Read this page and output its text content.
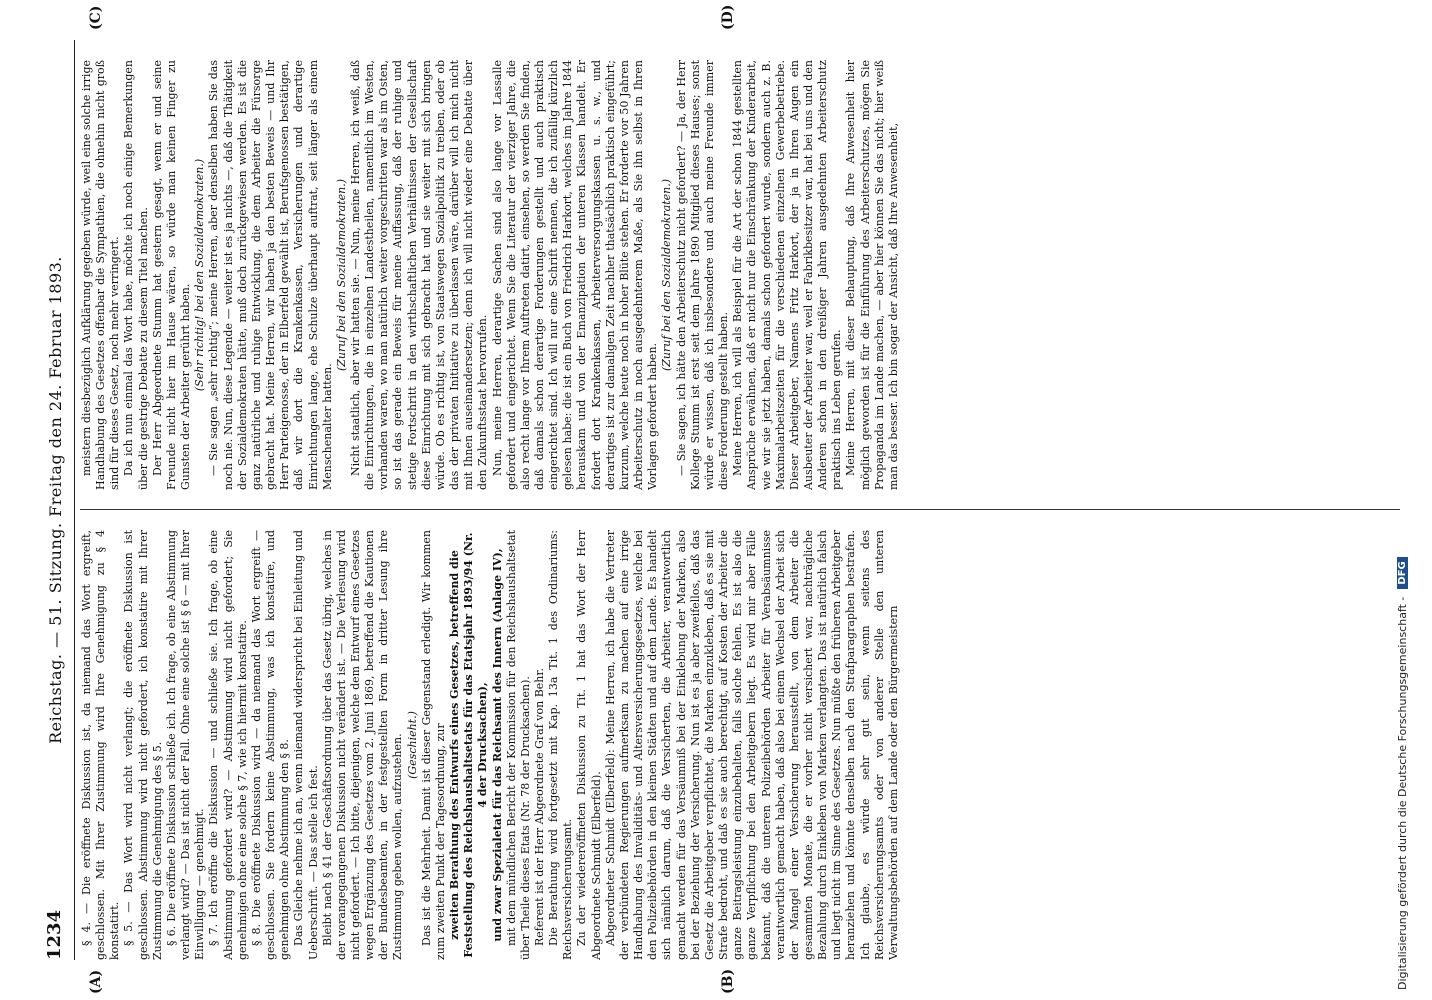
1234
Reichstag. — 51. Sitzung. Freitag den 24. Februar 1893.
(A)	(B)
(C)	(D)

§ 4. — Die eröffnete Diskussion ist, da niemand das Wort ergreift, geschlossen. Mit Ihrer Zustimmung wird Ihre Genehmigung zu § 4 konstatirt. § 5. — Das Wort wird nicht verlangt; die eröffnete Diskussion ist geschlossen. Abstimmung wird nicht gefordert, ich konstatire mit Ihrer Zustimmung die Genehmigung des § 5. § 6. Die eröffnete Diskussion schließe ich. Ich frage, ob eine Abstimmung verlangt wird? — Das ist nicht der Fall. Ohne eine solche ist § 6 — mit Ihrer Einwilligung — genehmigt. § 7. Ich eröffne die Diskussion — und schließe sie. Ich frage, ob eine Abstimmung gefordert wird? — Abstimmung wird nicht gefordert; Sie genehmigen ohne eine solche § 7, wie ich hiermit konstatire. § 8. Die eröffnete Diskussion wird — da niemand das Wort ergreift — geschlossen. Sie fordern keine Abstimmung, was ich konstatire, und genehmigen ohne Abstimmung den § 8. Das Gleiche nehme ich an, wenn niemand widerspricht bei Einleitung und Ueberschrift. — Das stelle ich fest. Bleibt nach § 41 der Geschäftsordnung über das Gesetz übrig, welches in der vorangegangenen Diskussion nicht verändert ist. — Die Verlesung wird nicht gefordert. — Ich bitte, diejenigen, welche dem Entwurf eines Gesetzes wegen Ergänzung des Gesetzes vom 2. Juni 1869, betreffend die Kautionen der Bundesbeamten, in der festgestellten Form in dritter Lesung ihre Zustimmung geben wollen, aufzustehen. (Geschieht.) Das ist die Mehrheit. Damit ist dieser Gegenstand erledigt. Wir kommen zum zweiten Punkt der Tagesordnung, zur zweiten Berathung des Entwurfs eines Gesetzes, betreffend die Feststellung des Reichshaushaltsetats für das Etatsjahr 1893/94 (Nr. 4 der Drucksachen), und zwar Spezialetat für das Reichsamt des Innern (Anlage IV), mit dem mündlichen Bericht der Kommission für den Reichshaushaltsetat über Theile dieses Etats (Nr. 78 der Drucksachen). Referent ist der Herr Abgeordnete Graf von Behr. Die Berathung wird fortgesetzt mit Kap. 13a Tit. 1 des Ordinariums: Reichsversicherungsamt. Zu der wiedereröffneten Diskussion zu Tit. 1 hat das Wort der Herr Abgeordnete Schmidt (Elberfeld). Abgeordneter Schmidt (Elberfeld): Meine Herren, ich habe die Vertreter der verbündeten Regierungen aufmerksam zu machen auf eine irrige Handhabung des Invaliditäts- und Altersversicherungsgesetzes, welche bei den Polizeibehörden in den kleinen Städten und auf dem Lande. Es handelt sich nämlich darum, daß die Versicherten, die Arbeiter, verantwortlich gemacht werden für das Versäumniß bei der Einklebung der Marken, also bei der Beziehung der Versicherung. Nun ist es ja aber zweifellos, daß das Gesetz die Arbeitgeber verpflichtet, die Marken einzukleben, daß es sie mit Strafe bedroht, und daß es sie auch berechtigt, auf Kosten der Arbeiter die ganze Beitragsleistung einzubehalten, falls solche fehlen. Es ist also die ganze Verpflichtung bei den Arbeitgebern liegt. Es wird mir aber Fälle bekannt, daß die unteren Polizeibehörden Arbeiter für Verabsäumnisse verantwortlich gemacht haben, daß also bei einem Wechsel der Arbeit sich der Mangel einer Versicherung herausstellt, von dem Arbeiter die gesammten Monate, die er vorher nicht versichert war, nachträgliche Bezahlung durch Einkleben von Marken verlangten. Das ist natürlich falsch und liegt nicht im Sinne des Gesetzes. Nun müßte den früheren Arbeitgeber heranziehen und könnte denselben nach den Strafparagraphen bestrafen. Ich glaube, es würde sehr gut sein, wenn seitens des Reichsversicherungsamts oder von anderer Stelle den unteren Verwaltungsbehörden auf dem Lande oder den Bürgermeistern

meistern diesbezüglich Aufklärung gegeben würde, weil eine solche irrige Handhabung des Gesetzes offenbar die Sympathien, die ohnehin nicht groß sind für dieses Gesetz, noch mehr verringert. Da ich nun einmal das Wort habe, möchte ich noch einige Bemerkungen über die gestrige Debatte zu diesem Titel machen. Der Herr Abgeordnete Stumm hat gestern gesagt, wenn er und seine Freunde nicht hier im Hause wären, so würde man keinen Finger zu Gunsten der Arbeiter gerührt haben. (Sehr richtig! bei den Sozialdemokraten.) — Sie sagen „sehr richtig“; meine Herren, aber denselben haben Sie das noch nie. Nun, diese Legende — weiter ist es ja nichts —, daß die Thätigkeit der Sozialdemokraten hätte, muß doch zurückgewiesen werden. Es ist die ganz natürliche und ruhige Entwicklung, die dem Arbeiter die Fürsorge gebracht hat. Meine Herren, wir haben ja den besten Beweis — und Ihr Herr Parteigenosse, der in Elberfeld gewählt ist, Berufsgenossen bestätigen, daß wir dort die Krankenkassen, Versicherungen und derartige Einrichtungen lange, ehe Schulze überhaupt auftrat, seit länger als einem Menschenalter hatten.

(Zuruf bei den Sozialdemokraten.) Nicht staatlich, aber wir hatten sie. — Nun, meine Herren, ich weiß, daß die Einrichtungen, die in einzelnen Landestheilen, namentlich im Westen, vorhanden waren, wo man natürlich weiter vorgeschritten war als im Osten, so ist das gerade ein Beweis für meine Auffassung, daß der ruhige und stetige Fortschritt in den wirthschaftlichen Verhältnissen der Gesellschaft diese Einrichtung mit sich gebracht hat und sie weiter mit sich bringen würde. Ob es richtig ist, von Staatswegen Sozialpolitik zu treiben, oder ob das der privaten Initiative zu überlassen wäre, darüber will ich mich nicht mit Ihnen auseinandersetzen; denn ich will nicht wieder eine Debatte über den Zukunftsstaat hervorrufen. Nun, meine Herren, derartige Sachen sind also lange vor Lassalle gefordert und eingerichtet. Wenn Sie die Literatur der vierziger Jahre, die also recht lange vor Ihrem Auftreten datirt, einsehen, so werden Sie finden, daß damals schon derartige Forderungen gestellt und auch praktisch eingerichtet sind. Ich will nur eine Schrift nennen, die ich zufällig kürzlich gelesen habe: die ist ein Buch von Friedrich Harkort, welches im Jahre 1844 herauskam und von der Emanzipation der unteren Klassen handelt. Er fordert dort Krankenkassen, Arbeiterversorgungskassen u. s. w., und derartiges ist zur damaligen Zeit nachher thatsächlich praktisch eingeführt; kurzum, welche heute noch in hoher Blüte stehen. Er forderte vor 50 Jahren Arbeiterschutz in noch ausgedehnterem Maße, als Sie ihn selbst in Ihren Vorlagen gefordert haben.

(Zuruf bei den Sozialdemokraten.) — Sie sagen, ich hätte den Arbeiterschutz nicht gefordert? — Ja, der Herr Kollege Stumm ist erst seit dem Jahre 1890 Mitglied dieses Hauses; sonst würde er wissen, daß ich insbesondere und auch meine Freunde immer diese Forderung gestellt haben. Meine Herren, ich will als Beispiel für die Art der schon 1844 gestellten Ansprüche erwähnen, daß er nicht nur die Einschränkung der Kinderarbeit, wie wir sie jetzt haben, damals schon gefordert wurde, sondern auch z. B. Maximalarbeitszeiten für die verschiedenen einzelnen Gewerbebetriebe. Dieser Arbeitgeber, Namens Fritz Harkort, der ja in Ihren Augen ein Ausbeuter der Arbeiter war, weil er Fabrikbesitzer war, hat bei uns und den Anderen schon in den dreißiger Jahren ausgedehnten Arbeiterschutz praktisch ins Leben gerufen. Meine Herren, mit dieser Behauptung, daß Ihre Anwesenheit hier möglich geworden ist für die Einführung des Arbeiterschutzes, mögen Sie Propaganda im Lande machen, — aber hier können Sie das nicht; hier weiß man das besser. Ich bin sogar der Ansicht, daß Ihre Anwesenheit,

Digitalisierung gefördert durch die Deutsche Forschungsgemeinschaft -
DFG
